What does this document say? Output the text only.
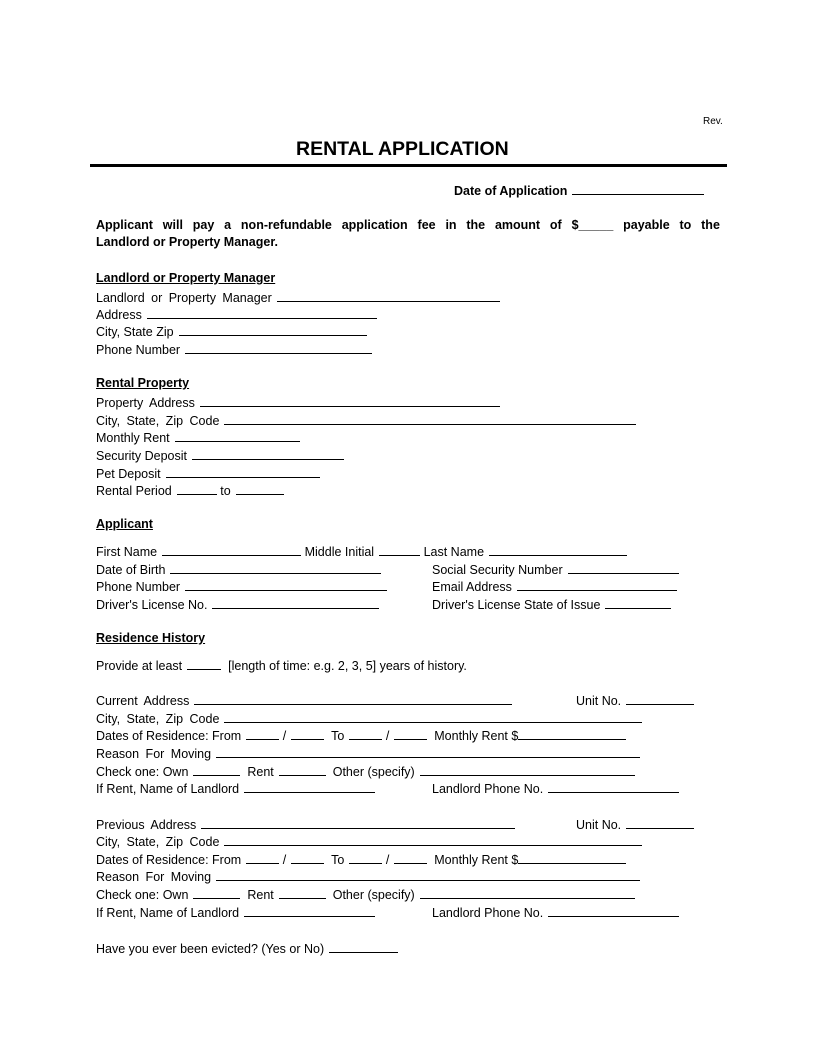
Rev.
RENTAL APPLICATION
Date of Application
Applicant will pay a non-refundable application fee in the amount of $_____ payable to the
Landlord or Property Manager.
Landlord or Property Manager
Landlord or Property Manager
Address
City, State Zip
Phone Number
Rental Property
Property Address
City, State, Zip Code
Monthly Rent
Security Deposit
Pet Deposit
Rental Period	to
Applicant
First Name	Middle Initial	Last Name
Date of Birth	Social Security Number
Phone Number	Email Address
Driver's License No.	Driver's License State of Issue
Residence History
Provide at least	[length of time: e.g. 2, 3, 5] years of history.
Current Address	Unit No.
City, State, Zip Code
Dates of Residence: From	/	To	/	Monthly Rent $
Reason For Moving
Check one: Own	Rent	Other (specify)
If Rent, Name of Landlord	Landlord Phone No.
Previous Address	Unit No.
City, State, Zip Code
Dates of Residence: From	/	To	/	Monthly Rent $
Reason For Moving
Check one: Own	Rent	Other (specify)
If Rent, Name of Landlord	Landlord Phone No.
Have you ever been evicted? (Yes or No)
